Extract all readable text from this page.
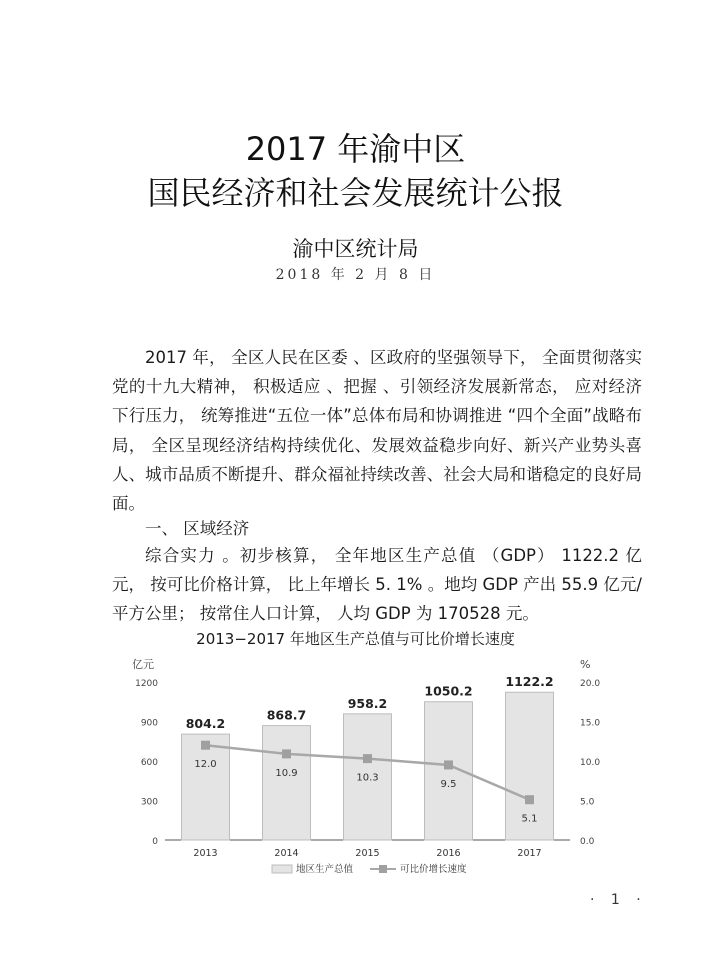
2017 年渝中区
国民经济和社会发展统计公报
渝中区统计局
2018 年 2 月 8 日
2017 年， 全区人民在区委 、区政府的坚强领导下， 全面贯彻落实党的十九大精神， 积极适应 、把握 、引领经济发展新常态， 应对经济下行压力， 统筹推进“五位一体”总体布局和协调推进 “四个全面”战略布局， 全区呈现经济结构持续优化、发展效益稳步向好、新兴产业势头喜人、城市品质不断提升、群众福祉持续改善、社会大局和谐稳定的良好局面。
一、 区域经济
综合实力 。初步核算， 全年地区生产总值 （GDP） 1122.2 亿元， 按可比价格计算， 比上年增长 5. 1% 。地均 GDP 产出 55.9 亿元/平方公里； 按常住人口计算， 人均 GDP 为 170528 元。
2013−2017 年地区生产总值与可比价增长速度
亿元
0
300
600
900
1200
%
0.0
5.0
10.0
15.0
20.0
804.2
2013
868.7
2014
958.2
2015
1050.2
2016
1122.2
2017
12.0
10.9	10.3
9.5
5.1
地区生产总值	可比价增长速度
· 1 ·
